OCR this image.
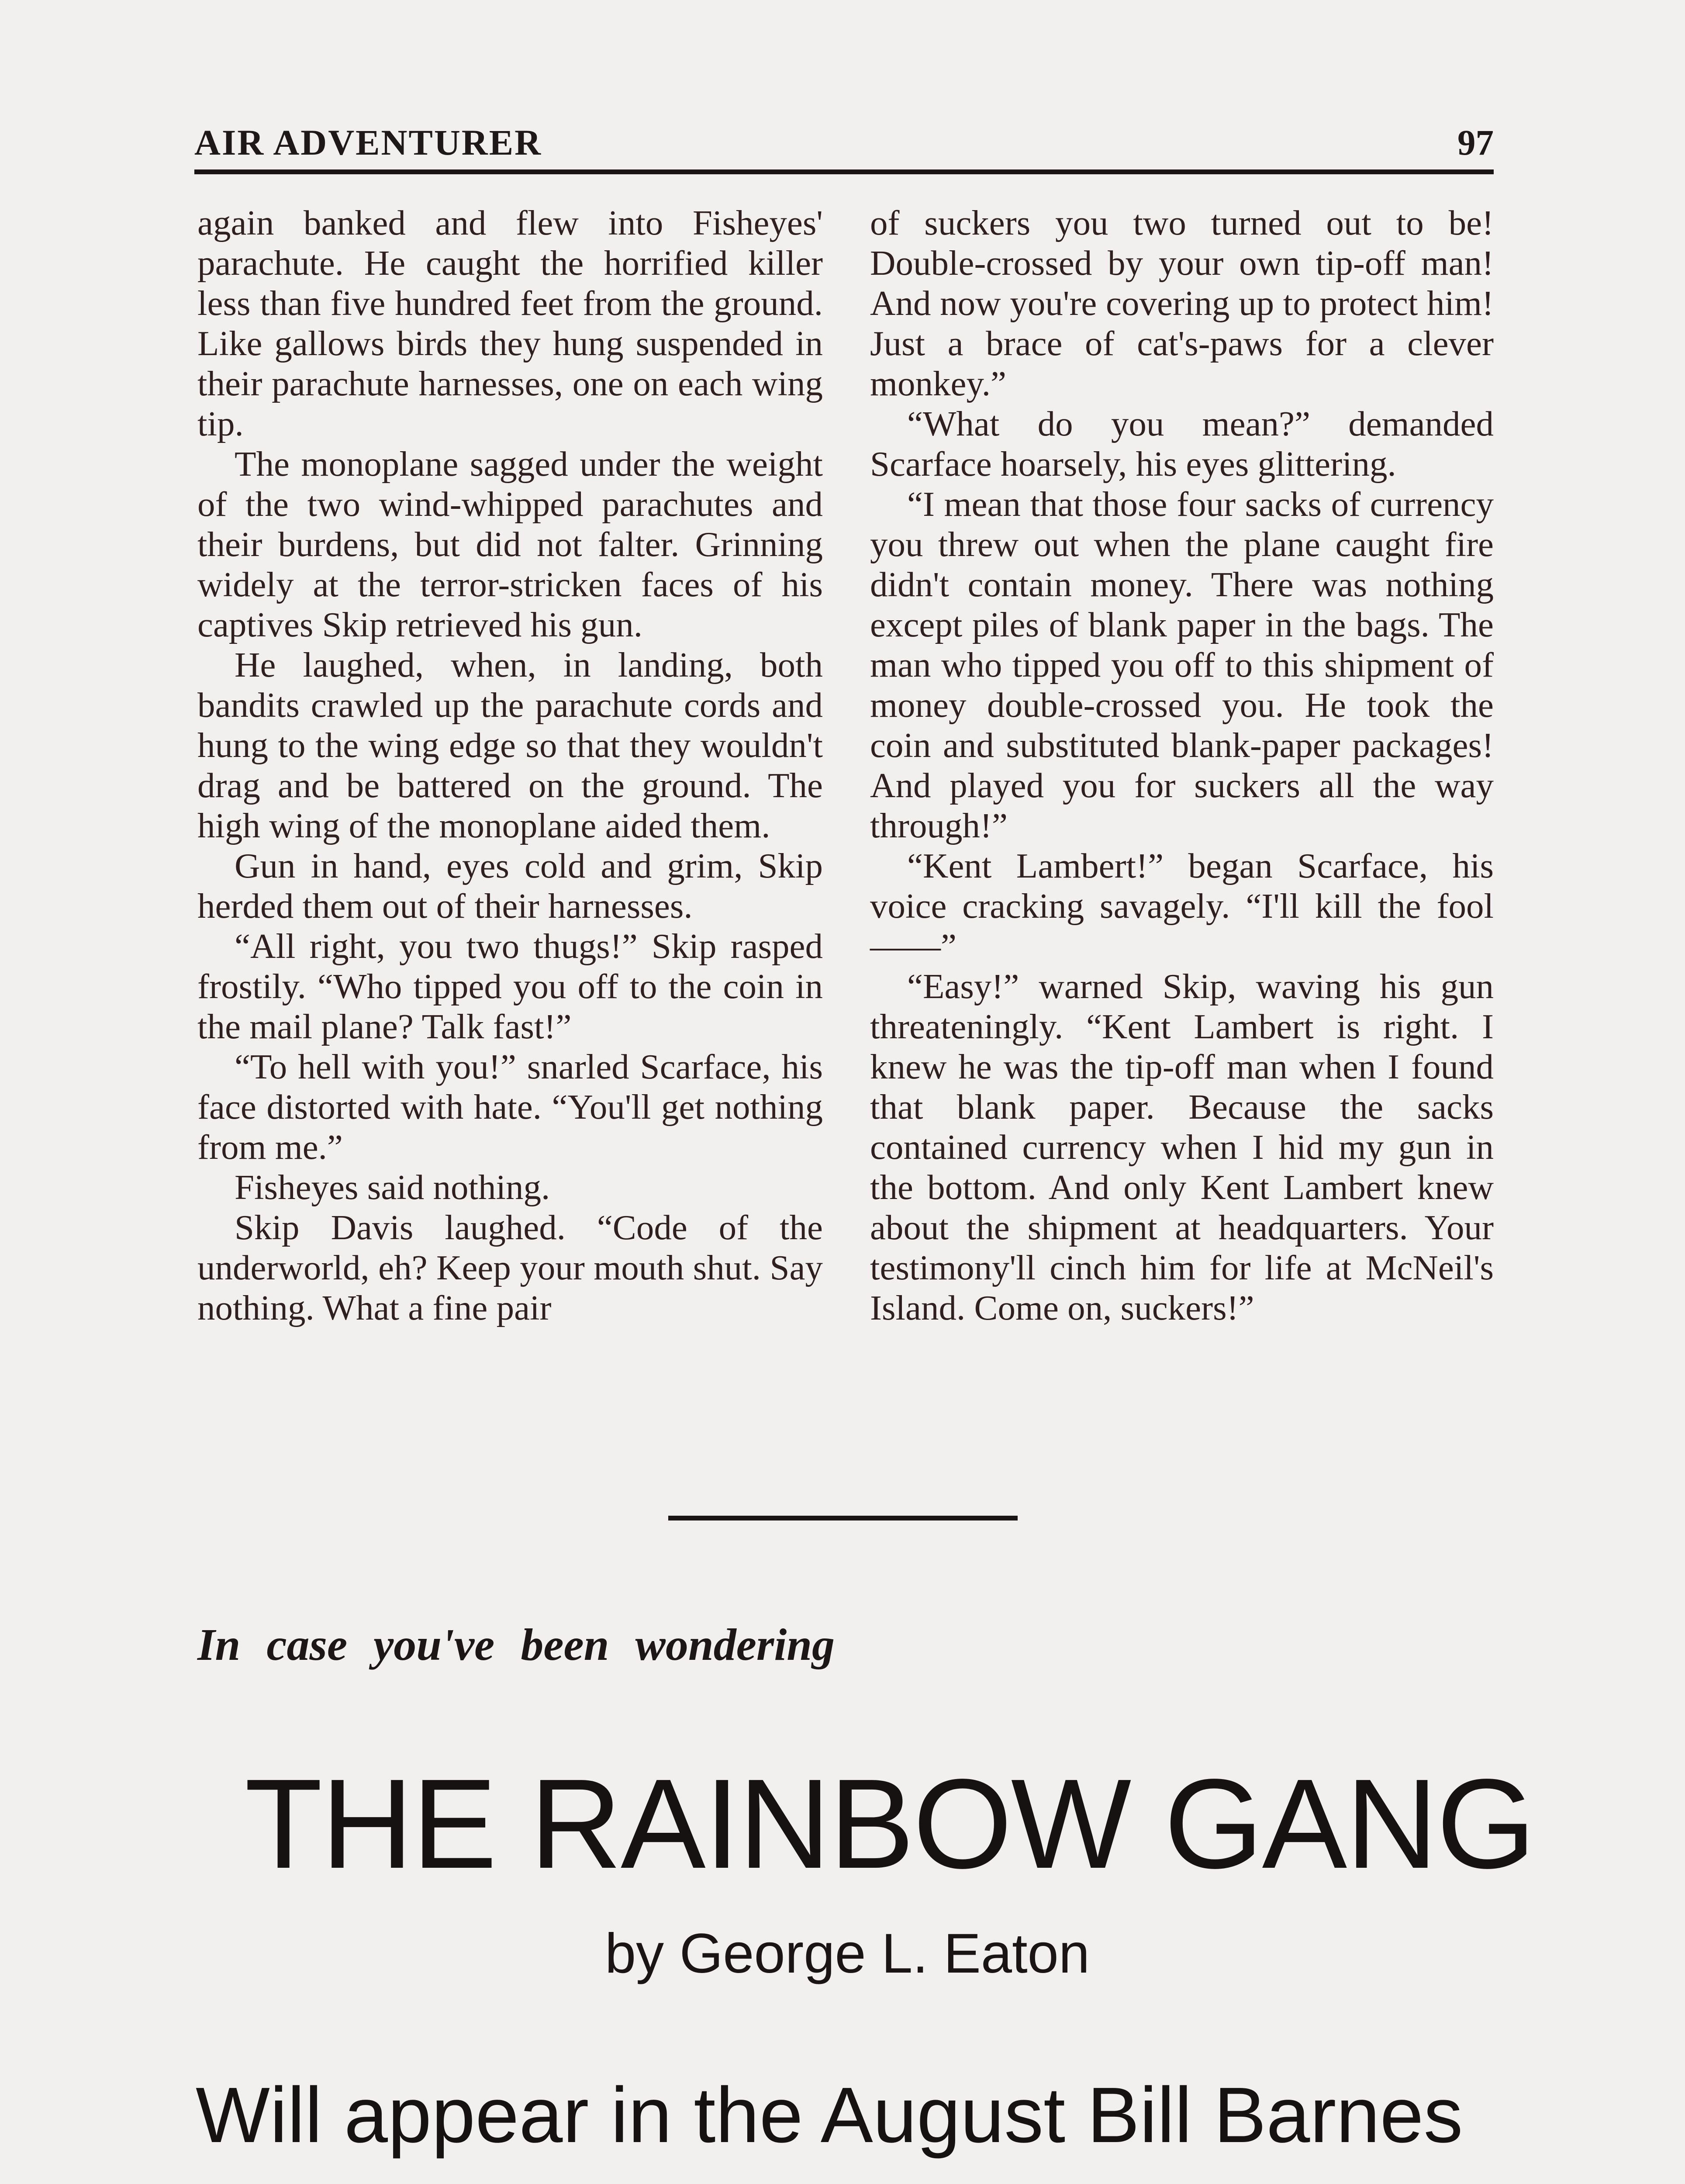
AIR ADVENTURER	97

again banked and flew into Fisheyes' parachute. He caught the horrified killer less than five hundred feet from the ground. Like gallows birds they hung suspended in their parachute harnesses, one on each wing tip.

The monoplane sagged under the weight of the two wind-whipped parachutes and their burdens, but did not falter. Grinning widely at the terror-stricken faces of his captives Skip retrieved his gun.

He laughed, when, in landing, both bandits crawled up the parachute cords and hung to the wing edge so that they wouldn't drag and be battered on the ground. The high wing of the monoplane aided them.

Gun in hand, eyes cold and grim, Skip herded them out of their harnesses.

“All right, you two thugs!” Skip rasped frostily. “Who tipped you off to the coin in the mail plane? Talk fast!”

“To hell with you!” snarled Scarface, his face distorted with hate. “You'll get nothing from me.”

Fisheyes said nothing.

Skip Davis laughed. “Code of the underworld, eh? Keep your mouth shut. Say nothing. What a fine pair

of suckers you two turned out to be! Double-crossed by your own tip-off man! And now you're covering up to protect him! Just a brace of cat's-paws for a clever monkey.”

“What do you mean?” demanded Scarface hoarsely, his eyes glittering.

“I mean that those four sacks of currency you threw out when the plane caught fire didn't contain money. There was nothing except piles of blank paper in the bags. The man who tipped you off to this shipment of money double-crossed you. He took the coin and substituted blank-paper packages! And played you for suckers all the way through!”

“Kent Lambert!” began Scarface, his voice cracking savagely. “I'll kill the fool——”

“Easy!” warned Skip, waving his gun threateningly. “Kent Lambert is right. I knew he was the tip-off man when I found that blank paper. Because the sacks contained currency when I hid my gun in the bottom. And only Kent Lambert knew about the shipment at headquarters. Your testimony'll cinch him for life at McNeil's Island. Come on, suckers!”

In case you've been wondering
THE RAINBOW GANG
by George L. Eaton
Will appear in the August Bill Barnes
